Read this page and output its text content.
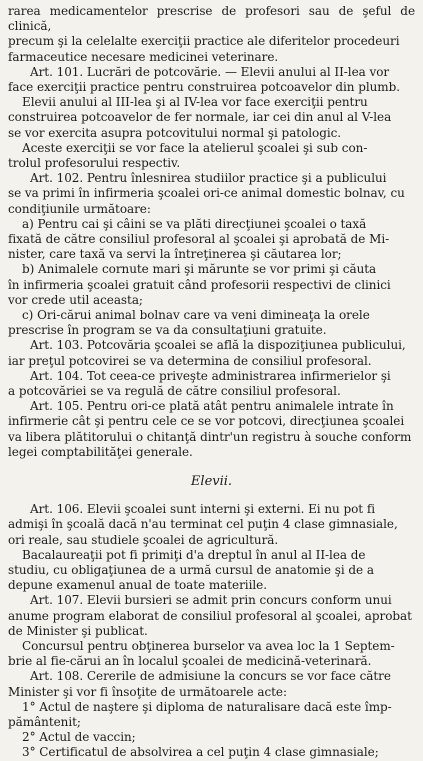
rarea medicamentelor prescrise de profesori sau de şeful de clinică,

precum şi la celelalte exerciţii practice ale diferitelor procedeuri

farmaceutice necesare medicinei veterinare.

Art. 101. Lucrări de potcovărie. — Elevii anului al II-lea vor

face exerciţii practice pentru construirea potcoavelor din plumb.

Elevii anului al III-lea şi al IV-lea vor face exerciţii pentru

construirea potcoavelor de fer normale, iar cei din anul al V-lea

se vor exercita asupra potcovitului normal şi patologic.

Aceste exerciţii se vor face la atelierul şcoalei şi sub con-

trolul profesorului respectiv.

Art. 102. Pentru înlesnirea studiilor practice şi a publicului

se va primi în infirmeria şcoalei ori-ce animal domestic bolnav, cu

condiţiunile următoare:

a) Pentru cai şi câini se va plăti direcţiunei şcoalei o taxă

fixată de către consiliul profesoral al şcoalei şi aprobată de Mi-

nister, care taxă va servi la întreţinerea şi căutarea lor;

b) Animalele cornute mari şi mărunte se vor primi şi căuta

în infirmeria şcoalei gratuit când profesorii respectivi de clinici

vor crede util aceasta;

c) Ori-cărui animal bolnav care va veni dimineaţa la orele

prescrise în program se va da consultaţiuni gratuite.

Art. 103. Potcovăria şcoalei se află la dispoziţiunea publicului,

iar preţul potcovirei se va determina de consiliul profesoral.

Art. 104. Tot ceea-ce priveşte administrarea infirmerielor şi

a potcovăriei se va regulă de către consiliul profesoral.

Art. 105. Pentru ori-ce plată atât pentru animalele intrate în

infirmerie cât şi pentru cele ce se vor potcovi, direcţiunea şcoalei

va libera plătitorului o chitanţă dintr'un registru à souche conform

legei comptabilităţei generale.

Elevii.

Art. 106. Elevii şcoalei sunt interni şi externi. Ei nu pot fi

admişi în şcoală dacă n'au terminat cel puţin 4 clase gimnasiale,

ori reale, sau studiele şcoalei de agricultură.

Bacalaureaţii pot fi primiţi d'a dreptul în anul al II-lea de

studiu, cu obligaţiunea de a urmă cursul de anatomie şi de a

depune examenul anual de toate materiile.

Art. 107. Elevii bursieri se admit prin concurs conform unui

anume program elaborat de consiliul profesoral al şcoalei, aprobat

de Minister şi publicat.

Concursul pentru obţinerea burselor va avea loc la 1 Septem-

brie al fie-cărui an în localul şcoalei de medicină-veterinară.

Art. 108. Cererile de admisiune la concurs se vor face către

Minister şi vor fi însoţite de următoarele acte:

1° Actul de naştere şi diploma de naturalisare dacă este împ-

pământenit;

2° Actul de vaccin;

3° Certificatul de absolvirea a cel puţin 4 clase gimnasiale;
